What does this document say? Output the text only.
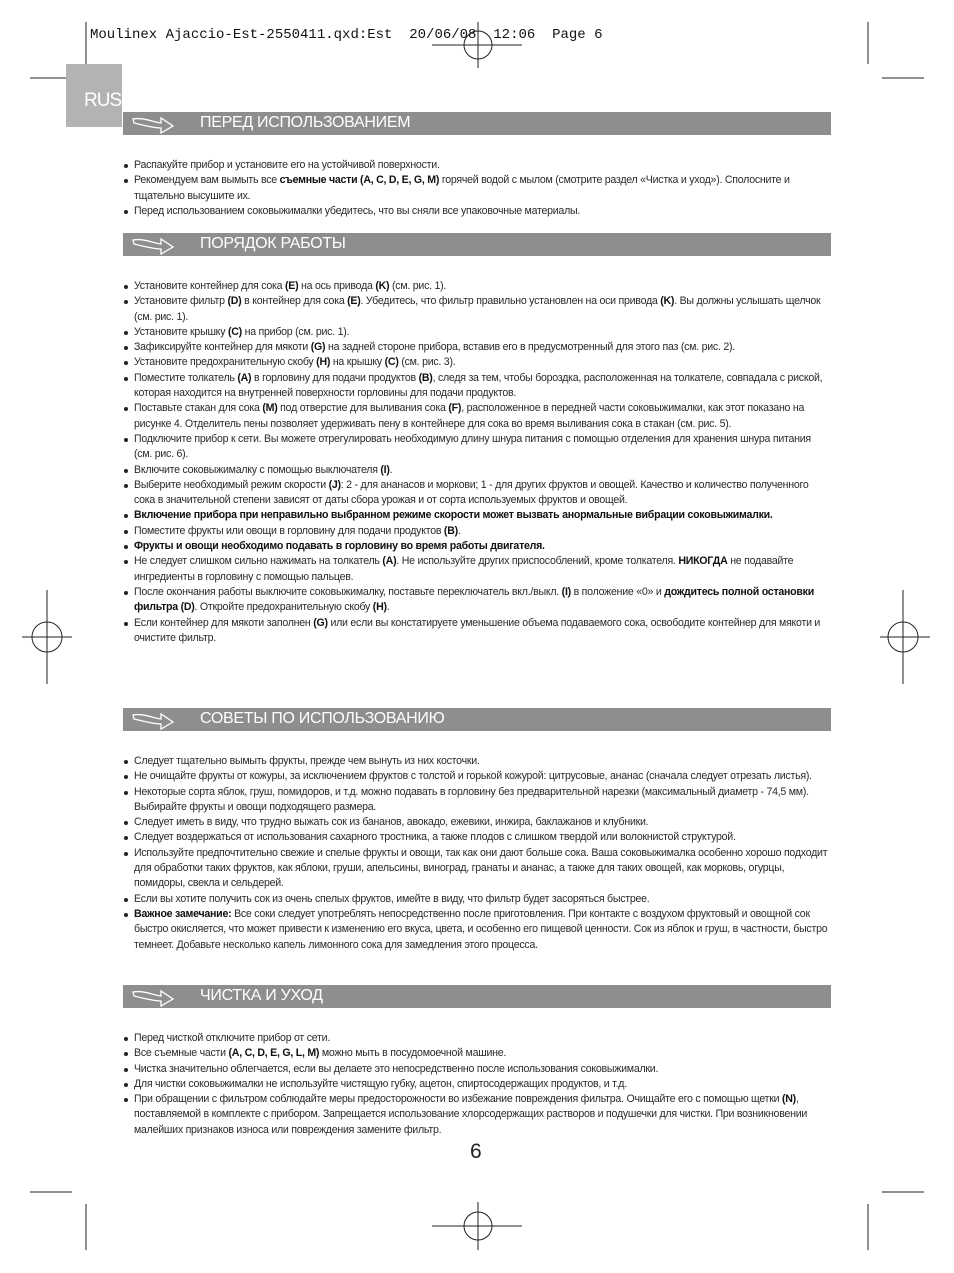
Moulinex Ajaccio-Est-2550411.qxd:Est  20/06/08  12:06  Page 6
RUS
ПЕРЕД ИСПОЛЬЗОВАНИЕМ
Распакуйте прибор и установите его на устойчивой поверхности.
Рекомендуем вам вымыть все съемные части (A, C, D, E, G, M) горячей водой с мылом (смотрите раздел «Чистка и уход»). Сполосните и тщательно высушите их.
Перед использованием соковыжималки убедитесь, что вы сняли все упаковочные материалы.
ПОРЯДОК РАБОТЫ
Установите контейнер для сока (E) на ось привода (K) (см. рис. 1).
Установите фильтр (D) в контейнер для сока (E). Убедитесь, что фильтр правильно установлен на оси привода (K). Вы должны услышать щелчок (см. рис. 1).
Установите крышку (C) на прибор (см. рис. 1).
Зафиксируйте контейнер для мякоти (G) на задней стороне прибора, вставив его в предусмотренный для этого паз (см. рис. 2).
Установите предохранительную скобу (H) на крышку (C) (см. рис. 3).
Поместите толкатель (A) в горловину для подачи продуктов (B), следя за тем, чтобы бороздка, расположенная на толкателе, совпадала с риской, которая находится на внутренней поверхности горловины для подачи продуктов.
Поставьте стакан для сока (M) под отверстие для выливания сока (F), расположенное в передней части соковыжималки, как этот показано на рисунке 4. Отделитель пены позволяет удерживать пену в контейнере для сока во время выливания сока в стакан (см. рис. 5).
Подключите прибор к сети. Вы можете отрегулировать необходимую длину шнура питания с помощью отделения для хранения шнура питания (см. рис. 6).
Включите соковыжималку с помощью выключателя (I).
Выберите необходимый режим скорости (J): 2 - для ананасов и моркови; 1 - для других фруктов и овощей. Качество и количество полученного сока в значительной степени зависят от даты сбора урожая и от сорта используемых фруктов и овощей.
Включение прибора при неправильно выбранном режиме скорости может вызвать анормальные вибрации соковыжималки.
Поместите фрукты или овощи в горловину для подачи продуктов (B).
Фрукты и овощи необходимо подавать в горловину во время работы двигателя.
Не следует слишком сильно нажимать на толкатель (A). Не используйте других приспособлений, кроме толкателя. НИКОГДА не подавайте ингредиенты в горловину с помощью пальцев.
После окончания работы выключите соковыжималку, поставьте переключатель вкл./выкл. (I) в положение «0» и дождитесь полной остановки фильтра (D). Откройте предохранительную скобу (H).
Если контейнер для мякоти заполнен (G) или если вы констатируете уменьшение объема подаваемого сока, освободите контейнер для мякоти и очистите фильтр.
СОВЕТЫ ПО ИСПОЛЬЗОВАНИЮ
Следует тщательно вымыть фрукты, прежде чем вынуть из них косточки.
Не очищайте фрукты от кожуры, за исключением фруктов с толстой и горькой кожурой: цитрусовые, ананас (сначала следует отрезать листья).
Некоторые сорта яблок, груш, помидоров, и т.д. можно подавать в горловину без предварительной нарезки (максимальный диаметр - 74,5 мм). Выбирайте фрукты и овощи подходящего размера.
Следует иметь в виду, что трудно выжать сок из бананов, авокадо, ежевики, инжира, баклажанов и клубники.
Следует воздержаться от использования сахарного тростника, а также плодов с слишком твердой или волокнистой структурой.
Используйте предпочтительно свежие и спелые фрукты и овощи, так как они дают больше сока. Ваша соковыжималка особенно хорошо подходит для обработки таких фруктов, как яблоки, груши, апельсины, виноград, гранаты и ананас, а также для таких овощей, как морковь, огурцы, помидоры, свекла и сельдерей.
Если вы хотите получить сок из очень спелых фруктов, имейте в виду, что фильтр будет засоряться быстрее.
Важное замечание: Все соки следует употреблять непосредственно после приготовления. При контакте с воздухом фруктовый и овощной сок быстро окисляется, что может привести к изменению его вкуса, цвета, и особенно его пищевой ценности. Сок из яблок и груш, в частности, быстро темнеет. Добавьте несколько капель лимонного сока для замедления этого процесса.
ЧИСТКА И УХОД
Перед чисткой отключите прибор от сети.
Все съемные части (A, C, D, E, G, L, M) можно мыть в посудомоечной машине.
Чистка значительно облегчается, если вы делаете это непосредственно после использования соковыжималки.
Для чистки соковыжималки не используйте чистящую губку, ацетон, спиртосодержащих продуктов, и т.д.
При обращении с фильтром соблюдайте меры предосторожности во избежание повреждения фильтра. Очищайте его с помощью щетки (N), поставляемой в комплекте с прибором. Запрещается использование хлорсодержащих растворов и подушечки для чистки. При возникновении малейших признаков износа или повреждения замените фильтр.
6
